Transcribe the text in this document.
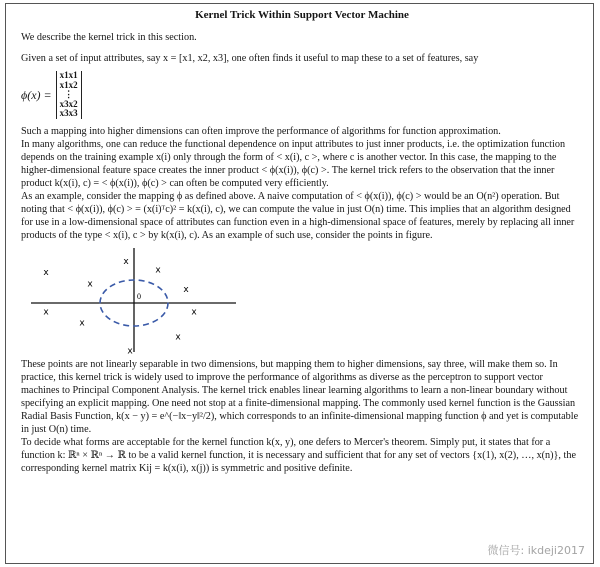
Kernel Trick Within Support Vector Machine

We describe the kernel trick in this section.

Given a set of input attributes, say x = [x1, x2, x3], one often finds it useful to map these to a set of features, say

ϕ(x) =
x1x1
x1x2
⋮
x3x2
x3x3

Such a mapping into higher dimensions can often improve the performance of algorithms for function approximation.

In many algorithms, one can reduce the functional dependence on input attributes to just inner products, i.e. the optimization function depends on the training example x(i) only through the form of < x(i), c >, where c is another vector. In this case, the mapping to the higher-dimensional feature space creates the inner product < ϕ(x(i)), ϕ(c) >. The kernel trick refers to the observation that the inner product k(x(i), c) = < ϕ(x(i)), ϕ(c) > can often be computed very efficiently.

As an example, consider the mapping ϕ as defined above. A naive computation of < ϕ(x(i)), ϕ(c) > would be an O(n²) operation. But noting that < ϕ(x(i)), ϕ(c) > = (x(i)ᵀc)² = k(x(i), c), we can compute the value in just O(n) time. This implies that an algorithm designed for use in a low-dimensional space of attributes can function even in a high-dimensional space of features, merely by replacing all inner products of the type < x(i), c > by k(x(i), c). As an example of such use, consider the points in figure.

0
x
x
x
x
x
x	x
x
x
x

These points are not linearly separable in two dimensions, but mapping them to higher dimensions, say three, will make them so. In practice, this kernel trick is widely used to improve the performance of algorithms as diverse as the perceptron to support vector machines to Principal Component Analysis. The kernel trick enables linear learning algorithms to learn a non-linear boundary without specifying an explicit mapping. One need not stop at a finite-dimensional mapping. The commonly used kernel function is the Gaussian Radial Basis Function, k(x − y) = e^(−‖x−y‖²/2), which corresponds to an infinite-dimensional mapping function ϕ and yet is computable in just O(n) time.

To decide what forms are acceptable for the kernel function k(x, y), one defers to Mercer's theorem. Simply put, it states that for a function k: ℝⁿ × ℝⁿ → ℝ to be a valid kernel function, it is necessary and sufficient that for any set of vectors {x(1), x(2), …, x(n)}, the corresponding kernel matrix Kij = k(x(i), x(j)) is symmetric and positive definite.

微信号: ikdeji2017
